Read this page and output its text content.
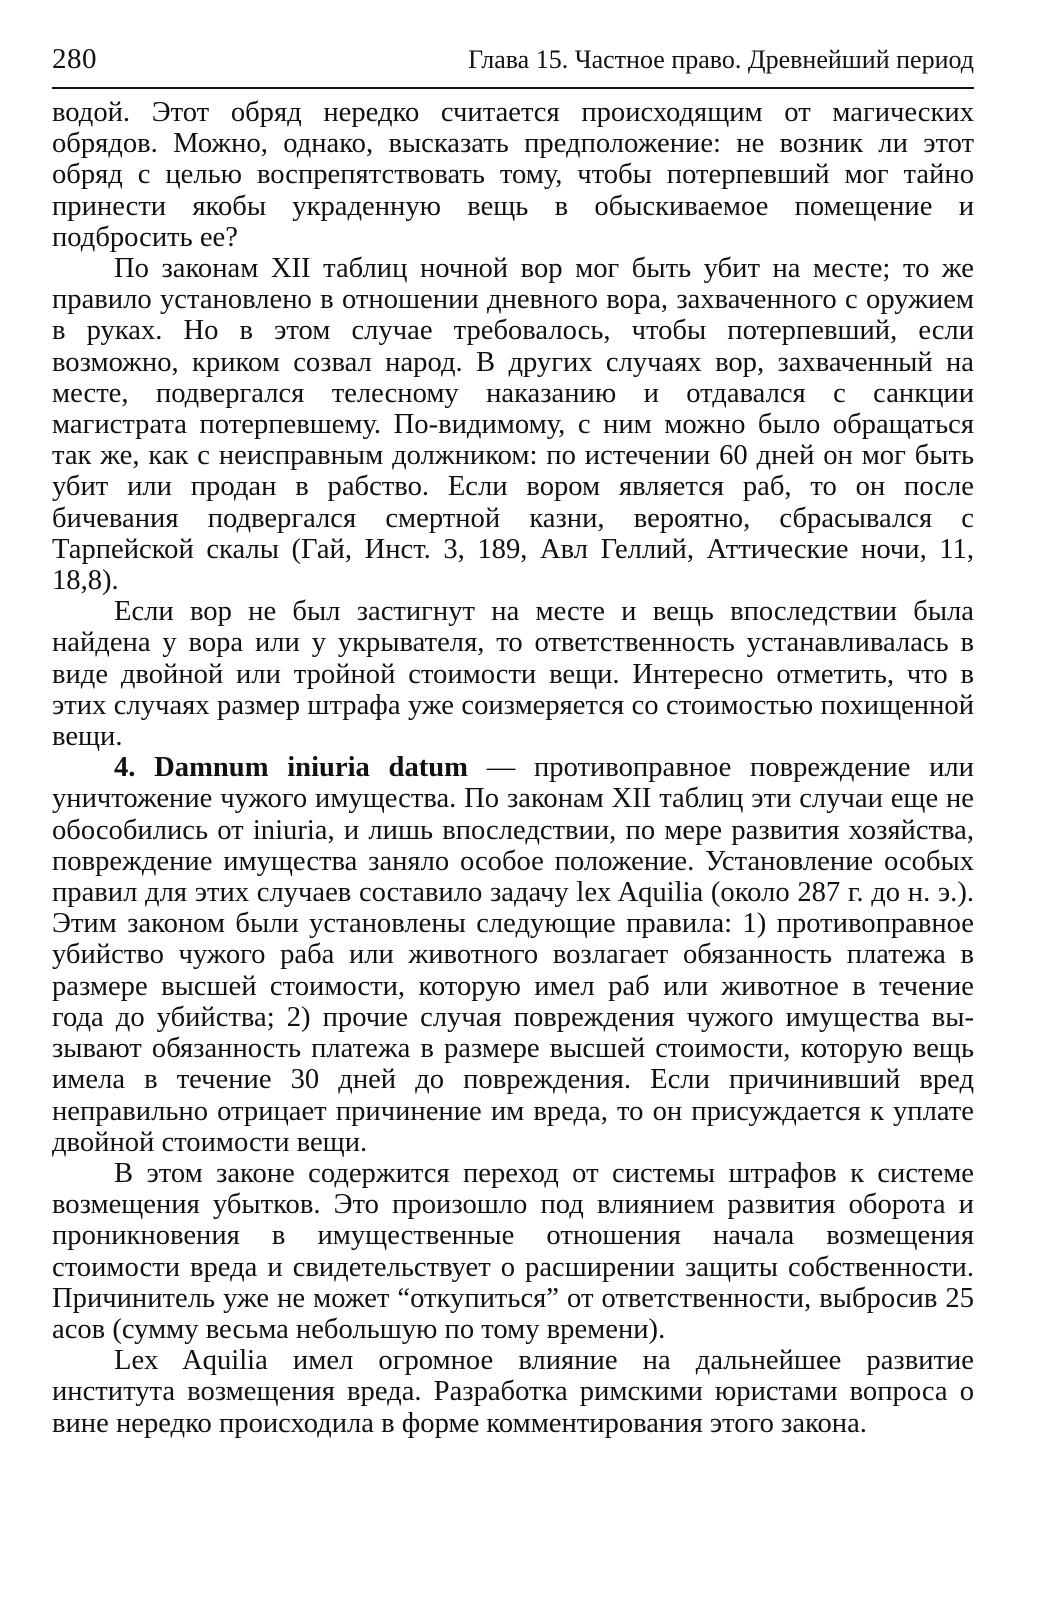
280	Глава 15. Частное право. Древнейший период

водой. Этот обряд нередко считается происходящим от магических обрядов. Можно, однако, высказать предположение: не возник ли этот обряд с целью воспрепятствовать тому, чтобы потерпевший мог тайно принести якобы украденную вещь в обыскиваемое помещение и подбросить ее?

По законам XII таблиц ночной вор мог быть убит на месте; то же правило установлено в отношении дневного вора, захваченного с оружием в руках. Но в этом случае требовалось, чтобы потерпевший, если возможно, криком созвал народ. В других случаях вор, захваченный на месте, подвергался телесному наказанию и отдавался с санкции магистрата потерпевшему. По-видимому, с ним можно было обращаться так же, как с неисправным должником: по истечении 60 дней он мог быть убит или продан в рабство. Если вором является раб, то он после бичевания подвергался смертной казни, вероятно, сбрасывался с Тарпейской скалы (Гай, Инст. 3, 189, Авл Геллий, Аттические ночи, 11, 18,8).

Если вор не был застигнут на месте и вещь впоследствии была найдена у вора или у укрывателя, то ответственность устанавливалась в виде двойной или тройной стоимости вещи. Интересно отметить, что в этих случаях размер штрафа уже соизмеряется со стоимостью похищенной вещи.

4. Damnum iniuria datum — противоправное повреждение или уничтожение чужого имущества. По законам XII таблиц эти случаи еще не обособились от iniuria, и лишь впоследствии, по мере развития хозяйства, повреждение имущества заняло особое положение. Установление особых правил для этих случаев составило задачу lex Aquilia (около 287 г. до н. э.). Этим законом были установлены следующие правила: 1) противоправное убийство чужого раба или животного возлагает обязанность платежа в размере высшей стоимости, которую имел раб или животное в течение года до убийства; 2) прочие случая повреждения чужого имущества вызывают обязанность платежа в размере высшей стоимости, которую вещь имела в течение 30 дней до повреждения. Если причинивший вред неправильно отрицает причинение им вреда, то он присуждается к уплате двойной стоимости вещи.

В этом законе содержится переход от системы штрафов к системе возмещения убытков. Это произошло под влиянием развития оборота и проникновения в имущественные отношения начала возмещения стоимости вреда и свидетельствует о расширении защиты собственности. Причинитель уже не может “откупиться” от ответственности, выбросив 25 асов (сумму весьма небольшую по тому времени).

Lex Aquilia имел огромное влияние на дальнейшее развитие института возмещения вреда. Разработка римскими юристами вопроса о вине нередко происходила в форме комментирования этого закона.
